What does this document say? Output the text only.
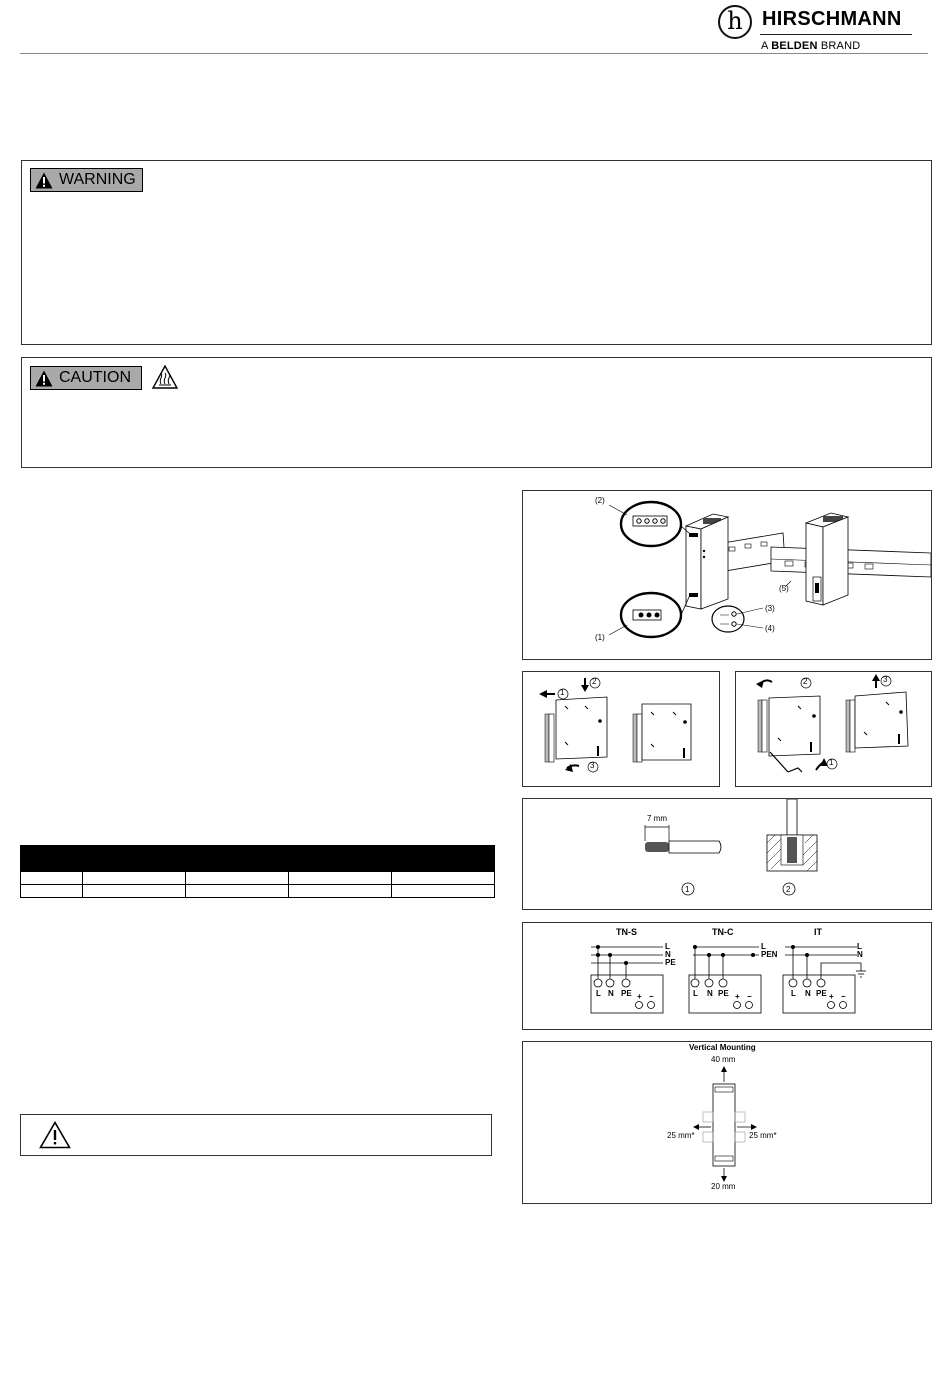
h HIRSCHMANN
A BELDEN BRAND
WARNING
CAUTION

(2)
(1)
(3)
(4)
(5)
1
2
3
2
1
3
7 mm
1	2
TN-S
L
N
PE
L N PE + −
TN-C
L
PEN
L N PE + −
IT
L
N
L N PE + −
Vertical Mounting
40 mm
20 mm
25 mm*	25 mm*
